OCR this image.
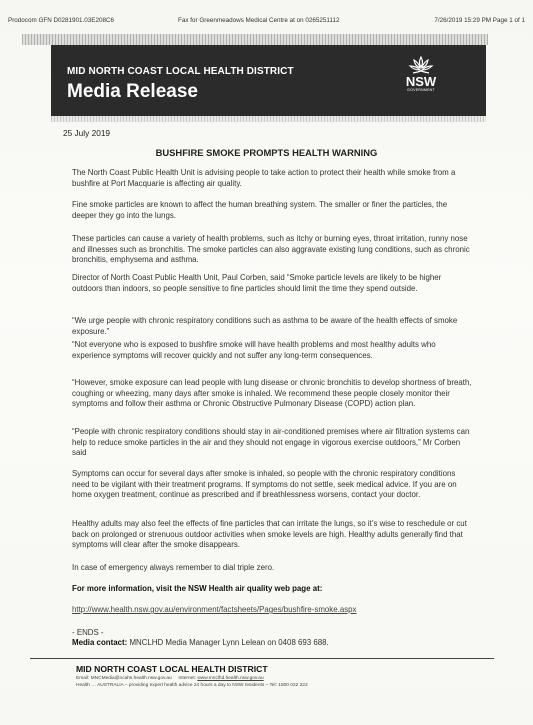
Prodocom GFN D0281901.03E208C6	Fax for Greenmeadows Medical Centre at on 0265251112	7/26/2019 15:29 PM Page 1 of 1
MID NORTH COAST LOCAL HEALTH DISTRICT
Media Release	NSW
GOVERNMENT
25 July 2019
BUSHFIRE SMOKE PROMPTS HEALTH WARNING
The North Coast Public Health Unit is advising people to take action to protect their health while smoke from a bushfire at Port Macquarie is affecting air quality.
Fine smoke particles are known to affect the human breathing system. The smaller or finer the particles, the deeper they go into the lungs.
These particles can cause a variety of health problems, such as itchy or burning eyes, throat irritation, runny nose and illnesses such as bronchitis. The smoke particles can also aggravate existing lung conditions, such as chronic bronchitis, emphysema and asthma.
Director of North Coast Public Health Unit, Paul Corben, said “Smoke particle levels are likely to be higher outdoors than indoors, so people sensitive to fine particles should limit the time they spend outside.
“We urge people with chronic respiratory conditions such as asthma to be aware of the health effects of smoke exposure.”
“Not everyone who is exposed to bushfire smoke will have health problems and most healthy adults who experience symptoms will recover quickly and not suffer any long-term consequences.
“However, smoke exposure can lead people with lung disease or chronic bronchitis to develop shortness of breath, coughing or wheezing, many days after smoke is inhaled. We recommend these people closely monitor their symptoms and follow their asthma or Chronic Obstructive Pulmonary Disease (COPD) action plan.
“People with chronic respiratory conditions should stay in air-conditioned premises where air filtration systems can help to reduce smoke particles in the air and they should not engage in vigorous exercise outdoors,” Mr Corben said
Symptoms can occur for several days after smoke is inhaled, so people with the chronic respiratory conditions need to be vigilant with their treatment programs. If symptoms do not settle, seek medical advice. If you are on home oxygen treatment, continue as prescribed and if breathlessness worsens, contact your doctor.
Healthy adults may also feel the effects of fine particles that can irritate the lungs, so it’s wise to reschedule or cut back on prolonged or strenuous outdoor activities when smoke levels are high. Healthy adults generally find that symptoms will clear after the smoke disappears.
In case of emergency always remember to dial triple zero.
For more information, visit the NSW Health air quality web page at:
http://www.health.nsw.gov.au/environment/factsheets/Pages/bushfire-smoke.aspx
- ENDS -
Media contact: MNCLHD Media Manager Lynn Lelean on 0408 693 688.
MID NORTH COAST LOCAL HEALTH DISTRICT
Email: MNCMedia@ncahs.health.nsw.gov.au Internet: www.mnclhd.health.nsw.gov.au
Health … AUSTRALIA – providing expert health advice 24 hours a day to NSW residents – Tel: 1800 022 222
